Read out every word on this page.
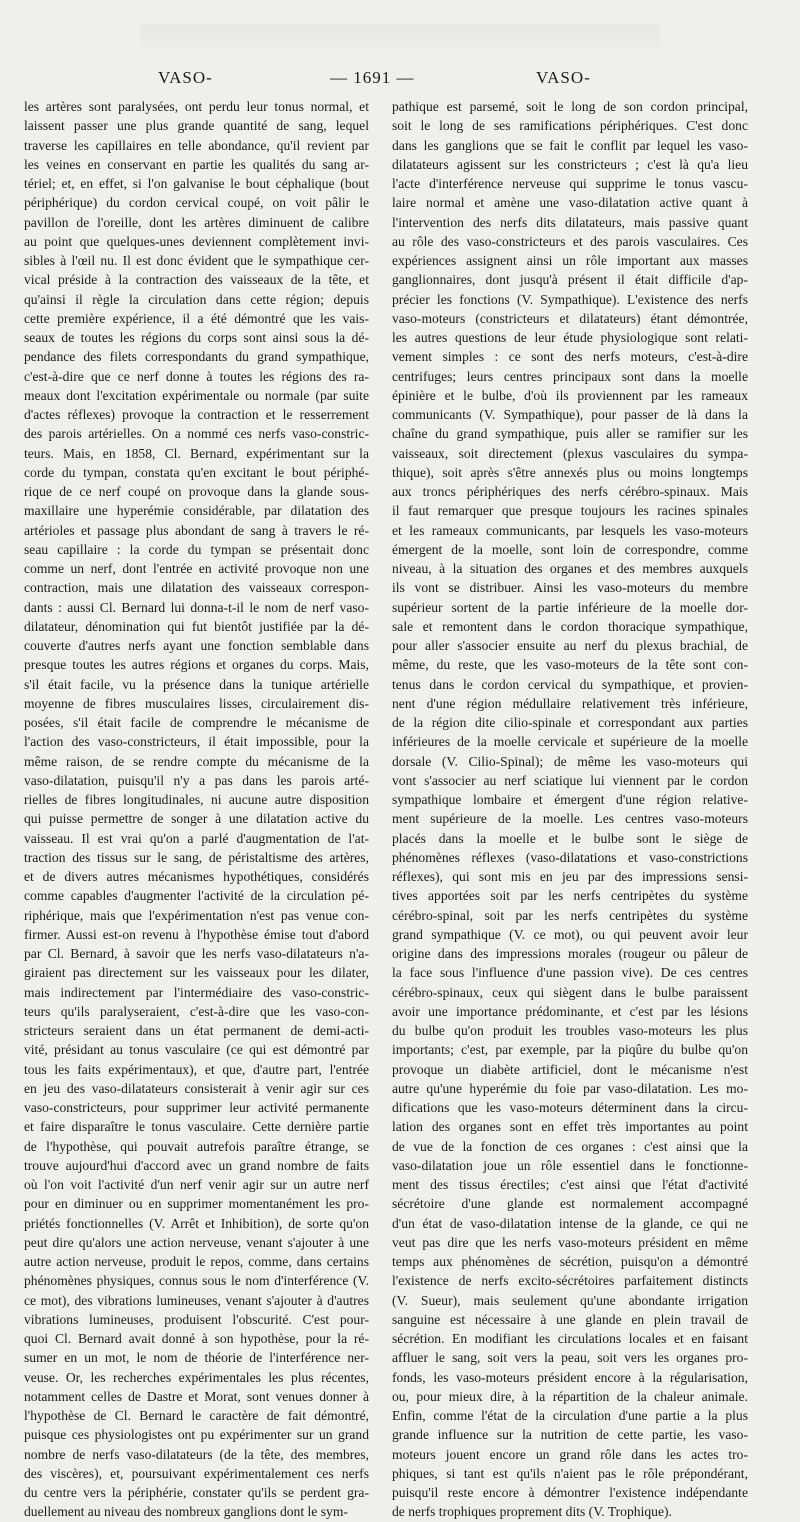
VASO-	— 1691 —	VASO-
les artères sont paralysées, ont perdu leur tonus normal, et
laissent passer une plus grande quantité de sang, lequel
traverse les capillaires en telle abondance, qu'il revient par
les veines en conservant en partie les qualités du sang ar-
tériel; et, en effet, si l'on galvanise le bout céphalique (bout
périphérique) du cordon cervical coupé, on voit pâlir le
pavillon de l'oreille, dont les artères diminuent de calibre
au point que quelques-unes deviennent complètement invi-
sibles à l'œil nu. Il est donc évident que le sympathique cer-
vical préside à la contraction des vaisseaux de la tête, et
qu'ainsi il règle la circulation dans cette région; depuis
cette première expérience, il a été démontré que les vais-
seaux de toutes les régions du corps sont ainsi sous la dé-
pendance des filets correspondants du grand sympathique,
c'est-à-dire que ce nerf donne à toutes les régions des ra-
meaux dont l'excitation expérimentale ou normale (par suite
d'actes réflexes) provoque la contraction et le resserrement
des parois artérielles. On a nommé ces nerfs vaso-constric-
teurs. Mais, en 1858, Cl. Bernard, expérimentant sur la
corde du tympan, constata qu'en excitant le bout périphé-
rique de ce nerf coupé on provoque dans la glande sous-
maxillaire une hyperémie considérable, par dilatation des
artérioles et passage plus abondant de sang à travers le ré-
seau capillaire : la corde du tympan se présentait donc
comme un nerf, dont l'entrée en activité provoque non une
contraction, mais une dilatation des vaisseaux correspon-
dants : aussi Cl. Bernard lui donna-t-il le nom de nerf vaso-
dilatateur, dénomination qui fut bientôt justifiée par la dé-
couverte d'autres nerfs ayant une fonction semblable dans
presque toutes les autres régions et organes du corps. Mais,
s'il était facile, vu la présence dans la tunique artérielle
moyenne de fibres musculaires lisses, circulairement dis-
posées, s'il était facile de comprendre le mécanisme de
l'action des vaso-constricteurs, il était impossible, pour la
même raison, de se rendre compte du mécanisme de la
vaso-dilatation, puisqu'il n'y a pas dans les parois arté-
rielles de fibres longitudinales, ni aucune autre disposition
qui puisse permettre de songer à une dilatation active du
vaisseau. Il est vrai qu'on a parlé d'augmentation de l'at-
traction des tissus sur le sang, de péristaltisme des artères,
et de divers autres mécanismes hypothétiques, considérés
comme capables d'augmenter l'activité de la circulation pé-
riphérique, mais que l'expérimentation n'est pas venue con-
firmer. Aussi est-on revenu à l'hypothèse émise tout d'abord
par Cl. Bernard, à savoir que les nerfs vaso-dilatateurs n'a-
giraient pas directement sur les vaisseaux pour les dilater,
mais indirectement par l'intermédiaire des vaso-constric-
teurs qu'ils paralyseraient, c'est-à-dire que les vaso-con-
stricteurs seraient dans un état permanent de demi-acti-
vité, présidant au tonus vasculaire (ce qui est démontré par
tous les faits expérimentaux), et que, d'autre part, l'entrée
en jeu des vaso-dilatateurs consisterait à venir agir sur ces
vaso-constricteurs, pour supprimer leur activité permanente
et faire disparaître le tonus vasculaire. Cette dernière partie
de l'hypothèse, qui pouvait autrefois paraître étrange, se
trouve aujourd'hui d'accord avec un grand nombre de faits
où l'on voit l'activité d'un nerf venir agir sur un autre nerf
pour en diminuer ou en supprimer momentanément les pro-
priétés fonctionnelles (V. Arrêt et Inhibition), de sorte qu'on
peut dire qu'alors une action nerveuse, venant s'ajouter à une
autre action nerveuse, produit le repos, comme, dans certains
phénomènes physiques, connus sous le nom d'interférence (V.
ce mot), des vibrations lumineuses, venant s'ajouter à d'autres
vibrations lumineuses, produisent l'obscurité. C'est pour-
quoi Cl. Bernard avait donné à son hypothèse, pour la ré-
sumer en un mot, le nom de théorie de l'interférence ner-
veuse. Or, les recherches expérimentales les plus récentes,
notamment celles de Dastre et Morat, sont venues donner à
l'hypothèse de Cl. Bernard le caractère de fait démontré,
puisque ces physiologistes ont pu expérimenter sur un grand
nombre de nerfs vaso-dilatateurs (de la tête, des membres,
des viscères), et, poursuivant expérimentalement ces nerfs
du centre vers la périphérie, constater qu'ils se perdent gra-
duellement au niveau des nombreux ganglions dont le sym-
pathique est parsemé, soit le long de son cordon principal,
soit le long de ses ramifications périphériques. C'est donc
dans les ganglions que se fait le conflit par lequel les vaso-
dilatateurs agissent sur les constricteurs ; c'est là qu'a lieu
l'acte d'interférence nerveuse qui supprime le tonus vascu-
laire normal et amène une vaso-dilatation active quant à
l'intervention des nerfs dits dilatateurs, mais passive quant
au rôle des vaso-constricteurs et des parois vasculaires. Ces
expériences assignent ainsi un rôle important aux masses
ganglionnaires, dont jusqu'à présent il était difficile d'ap-
précier les fonctions (V. Sympathique). L'existence des nerfs
vaso-moteurs (constricteurs et dilatateurs) étant démontrée,
les autres questions de leur étude physiologique sont relati-
vement simples : ce sont des nerfs moteurs, c'est-à-dire
centrifuges; leurs centres principaux sont dans la moelle
épinière et le bulbe, d'où ils proviennent par les rameaux
communicants (V. Sympathique), pour passer de là dans la
chaîne du grand sympathique, puis aller se ramifier sur les
vaisseaux, soit directement (plexus vasculaires du sympa-
thique), soit après s'être annexés plus ou moins longtemps
aux troncs périphériques des nerfs cérébro-spinaux. Mais
il faut remarquer que presque toujours les racines spinales
et les rameaux communicants, par lesquels les vaso-moteurs
émergent de la moelle, sont loin de correspondre, comme
niveau, à la situation des organes et des membres auxquels
ils vont se distribuer. Ainsi les vaso-moteurs du membre
supérieur sortent de la partie inférieure de la moelle dor-
sale et remontent dans le cordon thoracique sympathique,
pour aller s'associer ensuite au nerf du plexus brachial, de
même, du reste, que les vaso-moteurs de la tête sont con-
tenus dans le cordon cervical du sympathique, et provien-
nent d'une région médullaire relativement très inférieure,
de la région dite cilio-spinale et correspondant aux parties
inférieures de la moelle cervicale et supérieure de la moelle
dorsale (V. Cilio-Spinal); de même les vaso-moteurs qui
vont s'associer au nerf sciatique lui viennent par le cordon
sympathique lombaire et émergent d'une région relative-
ment supérieure de la moelle. Les centres vaso-moteurs
placés dans la moelle et le bulbe sont le siège de
phénomènes réflexes (vaso-dilatations et vaso-constrictions
réflexes), qui sont mis en jeu par des impressions sensi-
tives apportées soit par les nerfs centripètes du système
cérébro-spinal, soit par les nerfs centripètes du système
grand sympathique (V. ce mot), ou qui peuvent avoir leur
origine dans des impressions morales (rougeur ou pâleur de
la face sous l'influence d'une passion vive). De ces centres
cérébro-spinaux, ceux qui siègent dans le bulbe paraissent
avoir une importance prédominante, et c'est par les lésions
du bulbe qu'on produit les troubles vaso-moteurs les plus
importants; c'est, par exemple, par la piqûre du bulbe qu'on
provoque un diabète artificiel, dont le mécanisme n'est
autre qu'une hyperémie du foie par vaso-dilatation. Les mo-
difications que les vaso-moteurs déterminent dans la circu-
lation des organes sont en effet très importantes au point
de vue de la fonction de ces organes : c'est ainsi que la
vaso-dilatation joue un rôle essentiel dans le fonctionne-
ment des tissus érectiles; c'est ainsi que l'état d'activité
sécrétoire d'une glande est normalement accompagné
d'un état de vaso-dilatation intense de la glande, ce qui ne
veut pas dire que les nerfs vaso-moteurs président en même
temps aux phénomènes de sécrétion, puisqu'on a démontré
l'existence de nerfs excito-sécrétoires parfaitement distincts
(V. Sueur), mais seulement qu'une abondante irrigation
sanguine est nécessaire à une glande en plein travail de
sécrétion. En modifiant les circulations locales et en faisant
affluer le sang, soit vers la peau, soit vers les organes pro-
fonds, les vaso-moteurs président encore à la régularisation,
ou, pour mieux dire, à la répartition de la chaleur animale.
Enfin, comme l'état de la circulation d'une partie a la plus
grande influence sur la nutrition de cette partie, les vaso-
moteurs jouent encore un grand rôle dans les actes tro-
phiques, si tant est qu'ils n'aient pas le rôle prépondérant,
puisqu'il reste encore à démontrer l'existence indépendante
de nerfs trophiques proprement dits (V. Trophique).
